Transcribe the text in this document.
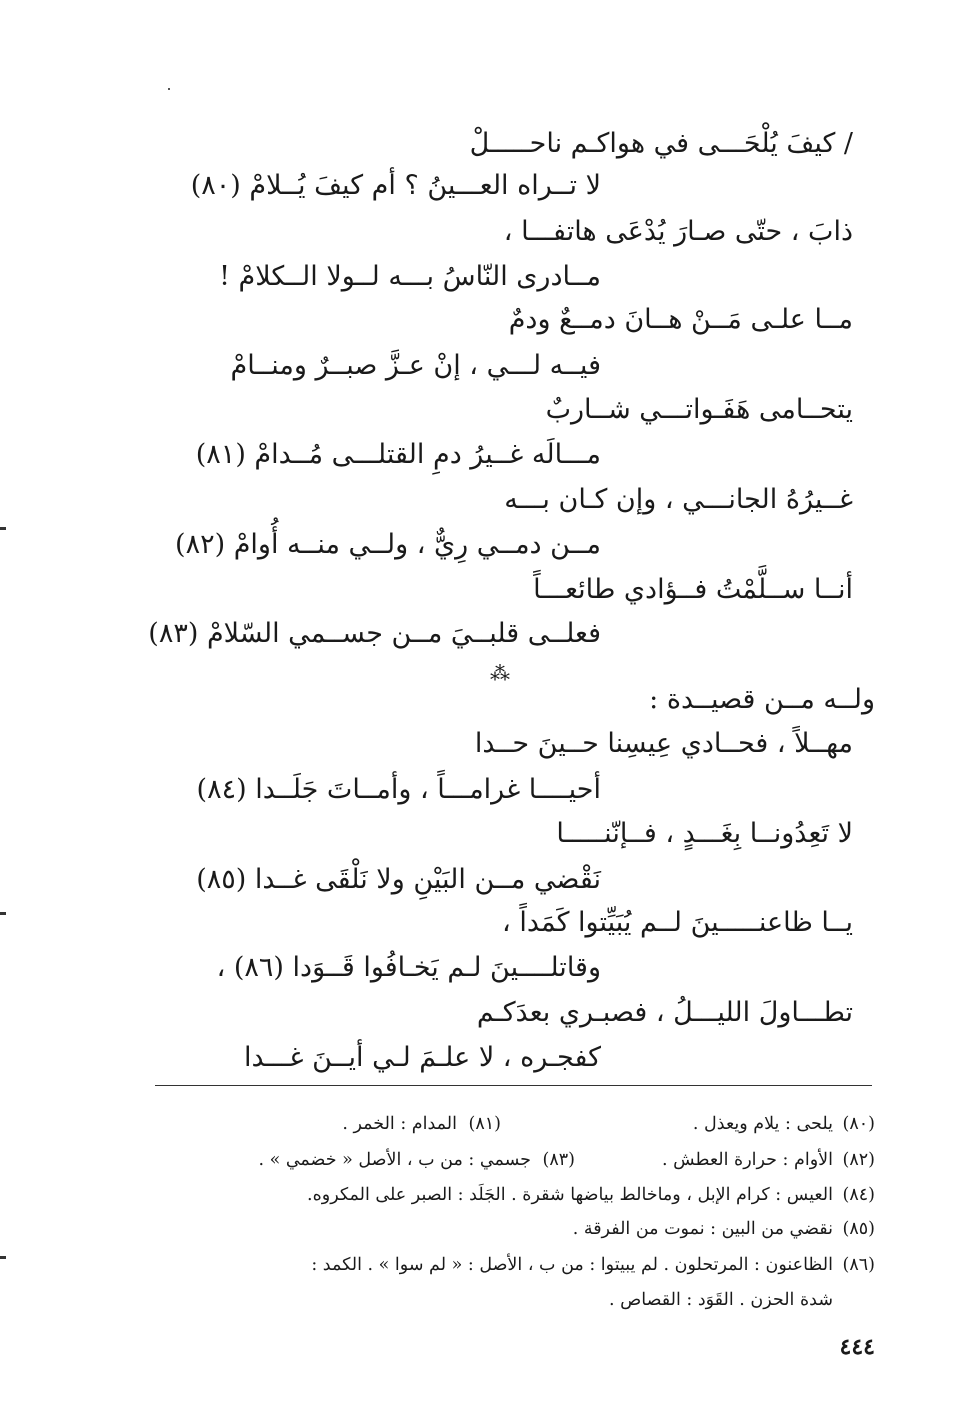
/ كيفَ يُلْحَـــى في هواكـم ناحـــــلْ
لا تــراه العـــينُ ؟ أم كيفَ يُــلامْ (٨٠)
ذابَ ، حتّى صـارَ يُدْعَى هاتفـــا ،
مــادرى النّاسُ بـــه لــولا الــكلامْ !
مــا علـى مَــنْ هــانَ دمــعٌ ودمٌ
فيــه لـــي ، إنْ عـزَّ صبــرٌ ومنــامْ
يتحــامى هَفَـواتـــي شــاربٌ
مـــالَه غــيرُ دمِ القتلـــى مُــدامْ (٨١)
غــيرُهُ الجانـــي ، وإن كـان بـــه
مــن دمــي رِيٌّ ، ولــي منــه أُوامْ (٨٢)
أنــا ســلَّمْتُ فــؤادي طائعـــاً
فعلــى قلبــيَ مــن جســمي السّلامْ (٨٣)
⁂
ولــه مــن قصيــدة :
مهــلاً ، فحــادي عِيسِنا حــينَ حــدا
أحيــــا غرامـــاً ، وأمــاتَ جَلَــدا (٨٤)
لا تَعِدُونــا بِغَـــدٍ ، فــإنّنـــــا
نَقْضي مــن البَيْنِ ولا نَلْقَى غــدا (٨٥)
يــا ظاعنـــــينَ لــم يُبَيِّتوا كَمَداً ،
وقاتلــــينَ لـم يَخـافُوا قَــوَدا (٨٦) ،
تطـــاولَ الليـــلُ ، فصبـري بعدَكـم
كفجـره ، لا علـمَ لـي أيــنَ غـــدا
(٨٠)
يلحى : يلام ويعذل .
(٨١)
المدام : الخمر .
(٨٢)
الأوام : حرارة العطش .
(٨٣)
جسمي : من ب ، الأصل « خضمي » .
(٨٤)
العيس : كرام الإبل ، وماخالط بياضها شقرة . الجَلَد : الصبر على المكروه.
(٨٥)
نقضي من البين : نموت من الفرقة .
(٨٦)
الظاعنون : المرتحلون . لم يبيتوا : من ب ، الأصل : « لم سوا » . الكمد :
شدة الحزن . القَوَد : القصاص .
٤٤٤
